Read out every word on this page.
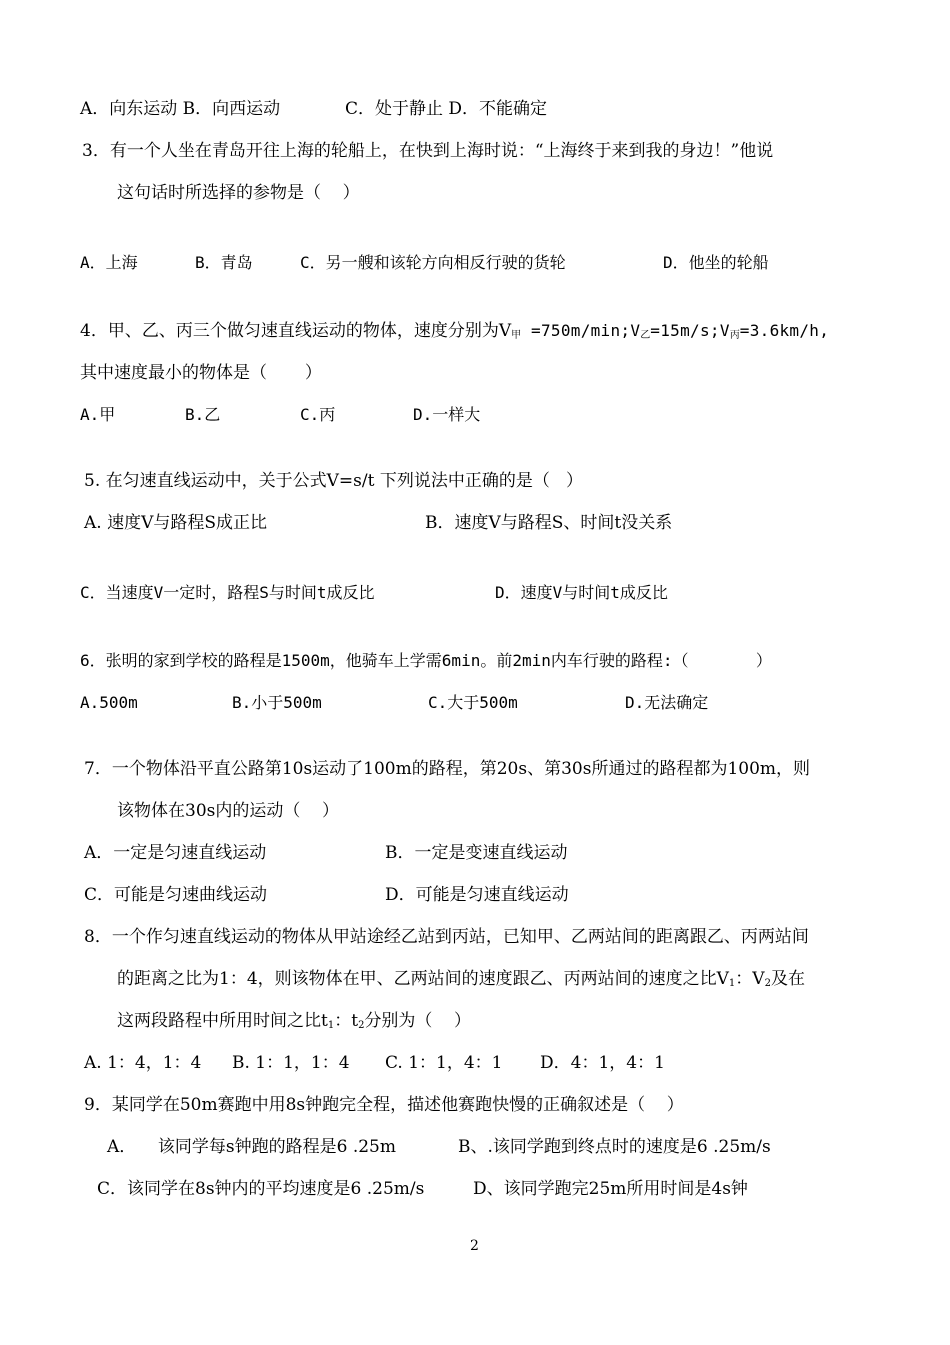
A．向东运动 B．向西运动	C．处于静止 D．不能确定
3．有一个人坐在青岛开往上海的轮船上，在快到上海时说：“上海终于来到我的身边！”他说
这句话时所选择的参物是（    ）
A．上海	B．青岛	C．另一艘和该轮方向相反行驶的货轮	D．他坐的轮船
4．甲、乙、丙三个做匀速直线运动的物体，速度分别为$V_甲$ $=750m/\min;V_乙=15m/s;V_丙=3.6km/h$,
其中速度最小的物体是（       ）
A.甲	B.乙	C.丙	D.一样大
5. 在匀速直线运动中，关于公式V=s/t 下列说法中正确的是（   ）
A. 速度V与路程S成正比	B．速度V与路程S、时间t没关系
C．当速度V一定时，路程S与时间t成反比	D．速度V与时间t成反比
6．张明的家到学校的路程是1500m，他骑车上学需6min。前2min内车行驶的路程:（       ）
A.500m	B.小于500m	C.大于500m	D.无法确定
7．一个物体沿平直公路第10s运动了100m的路程，第20s、第30s所通过的路程都为100m，则
该物体在30s内的运动（    ）
A．一定是匀速直线运动	B．一定是变速直线运动
C．可能是匀速曲线运动	D．可能是匀速直线运动
8．一个作匀速直线运动的物体从甲站途经乙站到丙站，已知甲、乙两站间的距离跟乙、丙两站间
的距离之比为1：4，则该物体在甲、乙两站间的速度跟乙、丙两站间的速度之比$V_1$：$V_2$及在
这两段路程中所用时间之比$t_1$：$t_2$分别为（    ）
A. 1：4，1：4 B. 1：1，1：4 C. 1：1，4：1 D．4：1，4：1
9．某同学在50m赛跑中用8s钟跑完全程，描述他赛跑快慢的正确叙述是（    ）
A．    该同学每s钟跑的路程是6 .25m	B、.该同学跑到终点时的速度是6 .25m/s
C．该同学在8s钟内的平均速度是6 .25m/s	D、该同学跑完25m所用时间是4s钟
2
